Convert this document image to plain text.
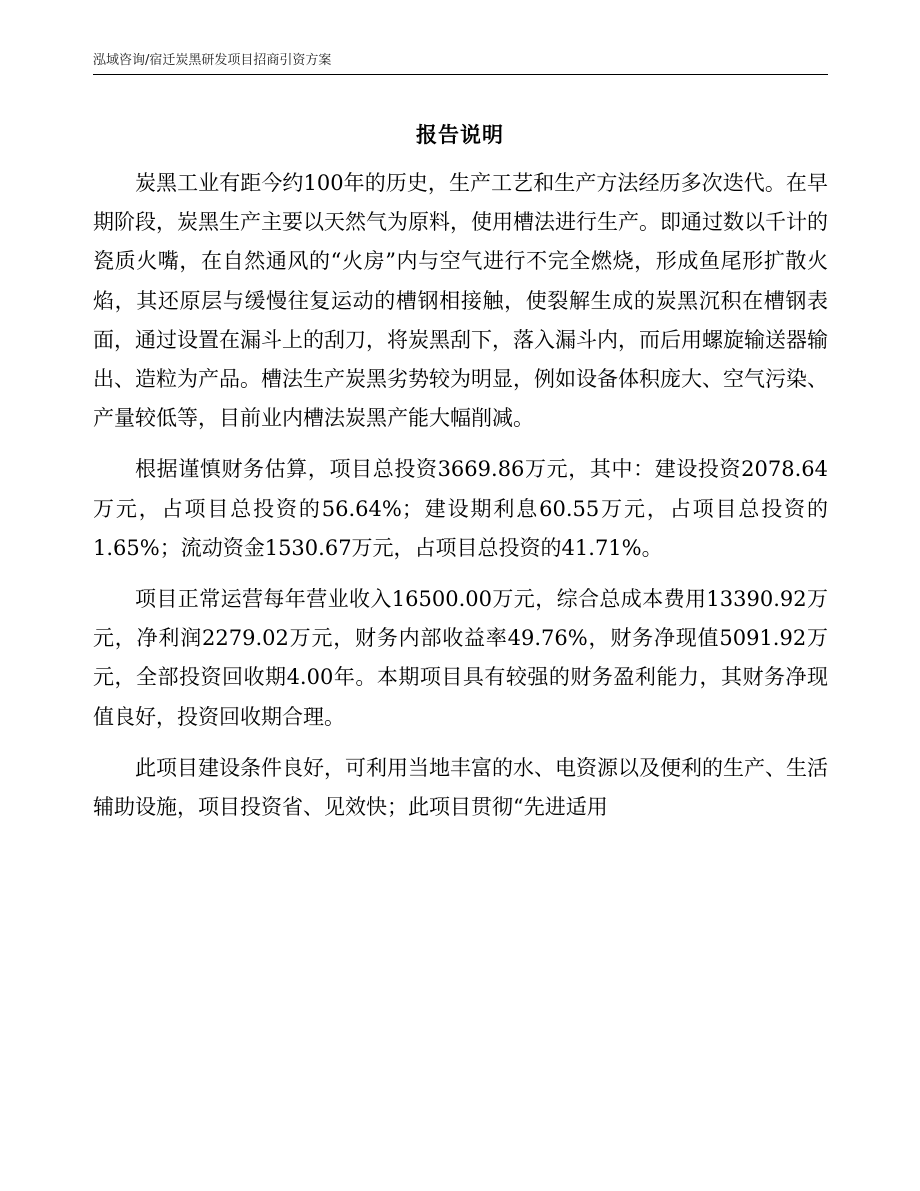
泓域咨询/宿迁炭黑研发项目招商引资方案
报告说明

炭黑工业有距今约100年的历史，生产工艺和生产方法经历多次迭代。在早期阶段，炭黑生产主要以天然气为原料，使用槽法进行生产。即通过数以千计的瓷质火嘴，在自然通风的“火房”内与空气进行不完全燃烧，形成鱼尾形扩散火焰，其还原层与缓慢往复运动的槽钢相接触，使裂解生成的炭黑沉积在槽钢表面，通过设置在漏斗上的刮刀，将炭黑刮下，落入漏斗内，而后用螺旋输送器输出、造粒为产品。槽法生产炭黑劣势较为明显，例如设备体积庞大、空气污染、产量较低等，目前业内槽法炭黑产能大幅削减。

根据谨慎财务估算，项目总投资3669.86万元，其中：建设投资2078.64万元，占项目总投资的56.64%；建设期利息60.55万元，占项目总投资的1.65%；流动资金1530.67万元，占项目总投资的41.71%。

项目正常运营每年营业收入16500.00万元，综合总成本费用13390.92万元，净利润2279.02万元，财务内部收益率49.76%，财务净现值5091.92万元，全部投资回收期4.00年。本期项目具有较强的财务盈利能力，其财务净现值良好，投资回收期合理。

此项目建设条件良好，可利用当地丰富的水、电资源以及便利的生产、生活辅助设施，项目投资省、见效快；此项目贯彻“先进适用
